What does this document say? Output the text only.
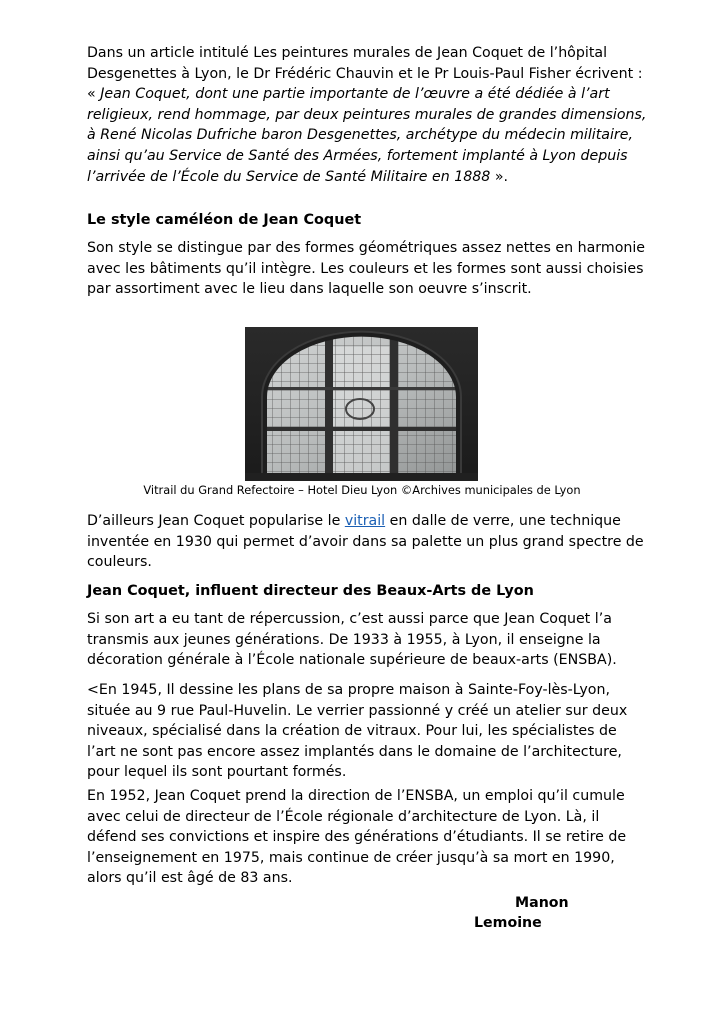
Dans un article intitulé Les peintures murales de Jean Coquet de l’hôpital Desgenettes à Lyon, le Dr Frédéric Chauvin et le Pr Louis-Paul Fisher écrivent : « Jean Coquet, dont une partie importante de l’œuvre a été dédiée à l’art religieux, rend hommage, par deux peintures murales de grandes dimensions, à René Nicolas Dufriche baron Desgenettes, archétype du médecin militaire, ainsi qu’au Service de Santé des Armées, fortement implanté à Lyon depuis l’arrivée de l’École du Service de Santé Militaire en 1888 ».

Le style caméléon de Jean Coquet

Son style se distingue par des formes géométriques assez nettes en harmonie avec les bâtiments qu’il intègre. Les couleurs et les formes sont aussi choisies par assortiment avec le lieu dans laquelle son oeuvre s’inscrit.

Vitrail du Grand Refectoire – Hotel Dieu Lyon ©Archives municipales de Lyon

D’ailleurs Jean Coquet popularise le vitrail en dalle de verre, une technique inventée en 1930 qui permet d’avoir dans sa palette un plus grand spectre de couleurs.

Jean Coquet, influent directeur des Beaux-Arts de Lyon

Si son art a eu tant de répercussion, c’est aussi parce que Jean Coquet l’a transmis aux jeunes générations. De 1933 à 1955, à Lyon, il enseigne la décoration générale à l’École nationale supérieure de beaux-arts (ENSBA).

<En 1945, Il dessine les plans de sa propre maison à Sainte-Foy-lès-Lyon, située au 9 rue Paul-Huvelin. Le verrier passionné y créé un atelier sur deux niveaux, spécialisé dans la création de vitraux. Pour lui, les spécialistes de l’art ne sont pas encore assez implantés dans le domaine de l’architecture, pour lequel ils sont pourtant formés.

En 1952, Jean Coquet prend la direction de l’ENSBA, un emploi qu’il cumule avec celui de directeur de l’École régionale d’architecture de Lyon. Là, il défend ses convictions et inspire des générations d’étudiants. Il se retire de l’enseignement en 1975, mais continue de créer jusqu’à sa mort en 1990, alors qu’il est âgé de 83 ans.

Manon
Lemoine
